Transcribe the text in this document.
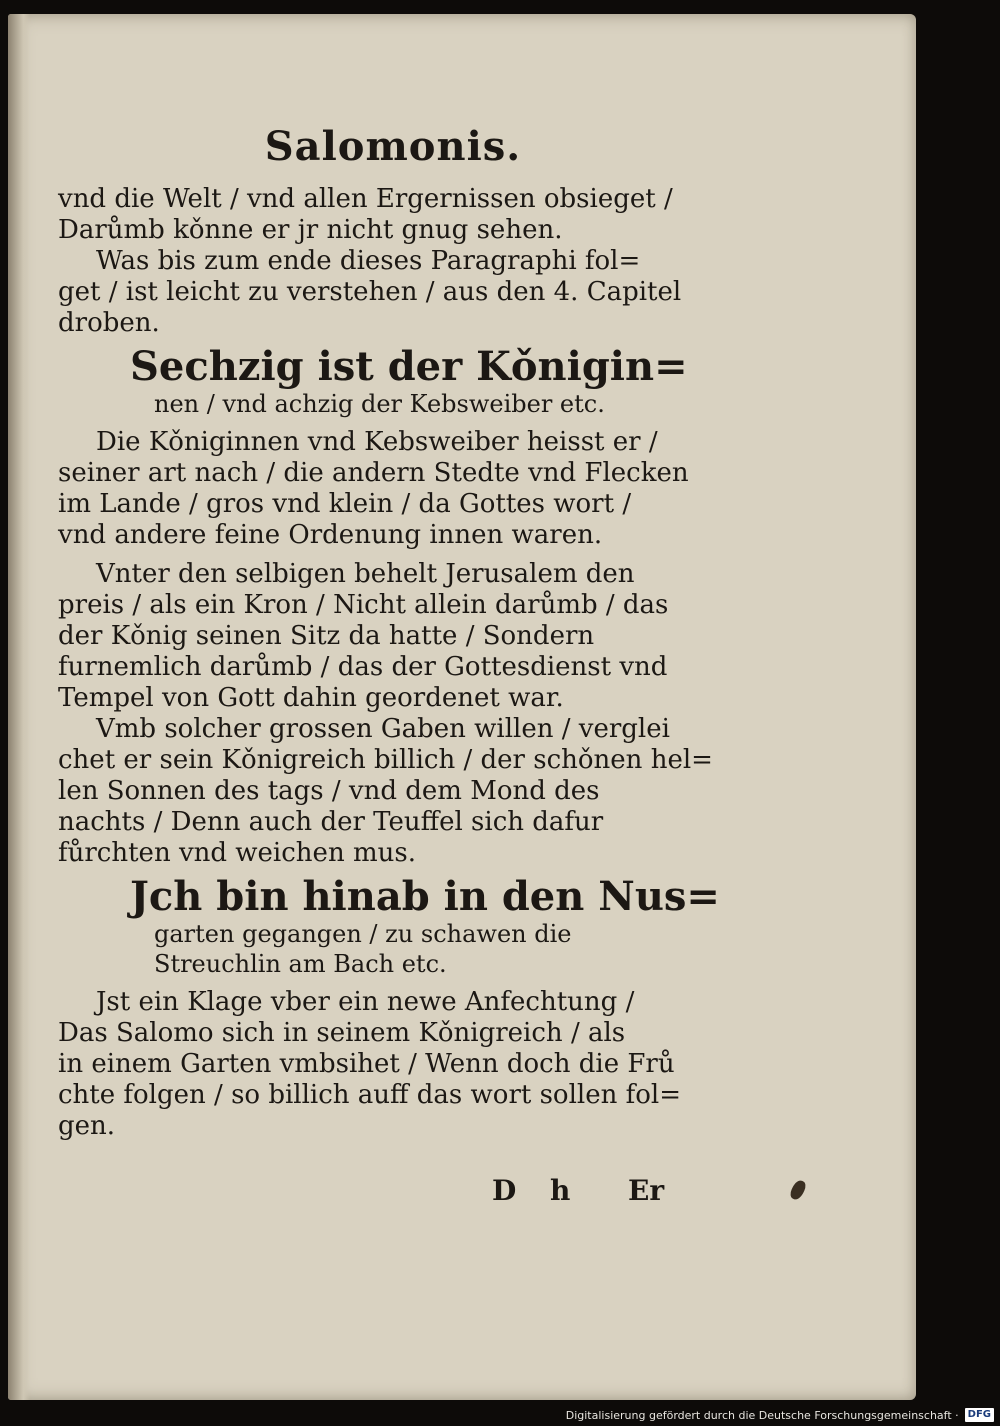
Salomonis.
vnd die Welt / vnd allen Ergernissen obsieget /
Darůmb kǒnne er jr nicht gnug sehen.
Was bis zum ende dieses Paragraphi fol=
get / ist leicht zu verstehen / aus den 4. Capitel
droben.
Sechzig ist der Kǒnigin=
nen / vnd achzig der Kebsweiber etc.
Die Kǒniginnen vnd Kebsweiber heisst er /
seiner art nach / die andern Stedte vnd Flecken
im Lande / gros vnd klein / da Gottes wort /
vnd andere feine Ordenung innen waren.
Vnter den selbigen behelt Jerusalem den
preis / als ein Kron / Nicht allein darůmb / das
der Kǒnig seinen Sitz da hatte / Sondern
furnemlich darůmb / das der Gottesdienst vnd
Tempel von Gott dahin geordenet war.
Vmb solcher grossen Gaben willen / verglei
chet er sein Kǒnigreich billich / der schǒnen hel=
len Sonnen des tags / vnd dem Mond des
nachts / Denn auch der Teuffel sich dafur
fůrchten vnd weichen mus.
Jch bin hinab in den Nus=
garten gegangen / zu schawen die
Streuchlin am Bach etc.
Jst ein Klage vber ein newe Anfechtung /
Das Salomo sich in seinem Kǒnigreich / als
in einem Garten vmbsihet / Wenn doch die Frů
chte folgen / so billich auff das wort sollen fol=
gen.
D h Er
Digitalisierung gefördert durch die Deutsche Forschungsgemeinschaft · DFG
